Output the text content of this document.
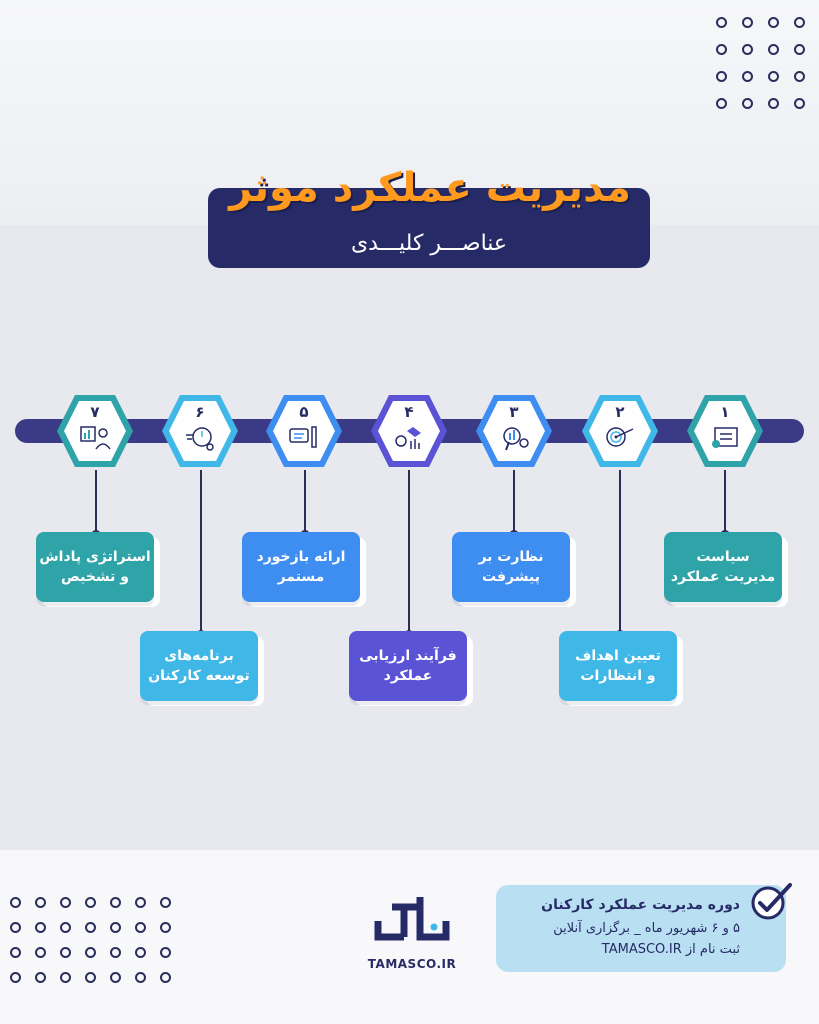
مدیریت عملکرد موثر
عناصـــر کلیـــدی
۱
۲
۳
۴
۵
۶
۷
سیاست
مدیریت عملکرد
تعیین اهداف
و انتظارات
نظارت بر
پیشرفت
فرآیند ارزیابی
عملکرد
ارائه بازخورد
مستمر
برنامه‌های
توسعه کارکنان
استراتژی پاداش
و تشخیص
TAMASCO.IR
دوره مدیریت عملکرد کارکنان
۵ و ۶ شهریور ماه _ برگزاری آنلاین
ثبت نام از TAMASCO.IR
